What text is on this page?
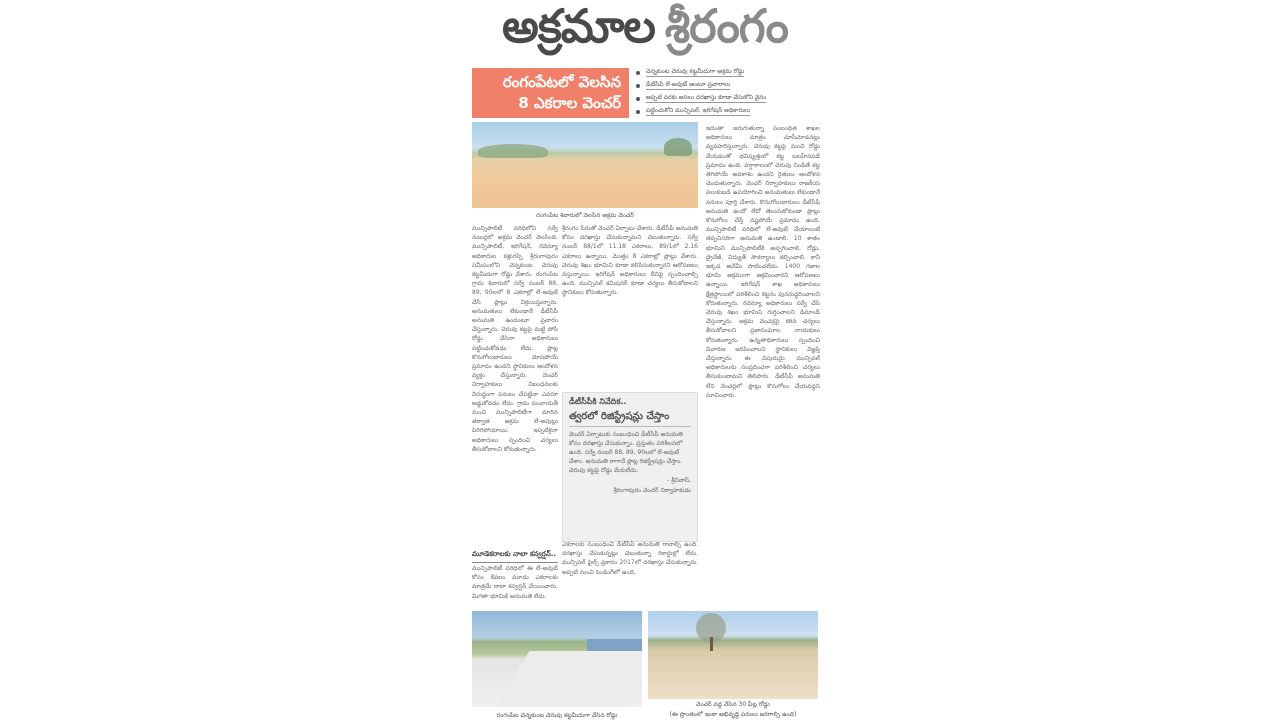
అక్రమాల శ్రీరంగం
రంగంపేటలో వెలసిన
8 ఎకరాల వెంచర్
చెన్నకుంట చెరువు కట్టమీదుగా అక్రమ రోడ్డు
డీటీసీపీ లే-అవుట్ అంటూ ప్రచారాలు
అప్పటి వరకు అసలు దరఖాస్తు కూడా చేసుకోని వైనం
పట్టించుకోని మున్సిపల్, ఇరిగేషన్ అధికారులు
రంగంపేట శివారులో వెలసిన అక్రమ వెంచర్

మున్సిపాలిటీ పరిధిలోని సర్వే నంబర్లలో అక్రమ వెంచర్ వెలసింది. మున్సిపాలిటీ, ఇరిగేషన్, రెవెన్యూ అధికారుల కళ్లుగప్పి శ్రీరంగాపురం సమీపంలోని చెన్నకుంట చెరువు కట్టమీదుగా రోడ్డు వేశారు. రంగంపేట గ్రామ శివారులో సర్వే నంబర్ 88, 89, 90లలో 8 ఎకరాల్లో లే-అవుట్ చేసి ప్లాట్లు విక్రయిస్తున్నారు. అనుమతులు లేకుండానే డీటీసీపీ అనుమతి ఉందంటూ ప్రచారం చేస్తున్నారు. చెరువు కట్టపై మట్టి పోసి రోడ్డు వేసినా అధికారులు పట్టించుకోవడం లేదు. ప్లాట్ల కొనుగోలుదారులు మోసపోయే ప్రమాదం ఉందని స్థానికులు ఆందోళన వ్యక్తం చేస్తున్నారు. వెంచర్ నిర్వాహకులు నిబంధనలకు విరుద్ధంగా పనులు చేపట్టినా ఎవరూ అడ్డుకోవడం లేదు. గ్రామ పంచాయతీ నుంచి మున్సిపాలిటీగా మారిన తర్వాత అక్రమ లే-అవుట్లు పెరిగిపోయాయి. ఇప్పటికైనా అధికారులు స్పందించి చర్యలు తీసుకోవాలని కోరుతున్నారు.

శ్రీరంగం పేరుతో వెంచర్ ఏర్పాటు చేశారు. డీటీసీపీ అనుమతి కోసం దరఖాస్తు చేసుకున్నామని చెబుతున్నారు. సర్వే నంబర్ 88/1లో 11.18 ఎకరాలు, 89/1లో 2.16 ఎకరాలు ఉన్నాయి. మొత్తం 8 ఎకరాల్లో ప్లాట్లు వేశారు. చెరువు శిఖం భూమిని కూడా కలిపేసుకున్నారని ఆరోపణలు వస్తున్నాయి. ఇరిగేషన్ అధికారులు దీనిపై స్పందించాల్సి ఉంది. మున్సిపల్ కమిషనర్ కూడా చర్యలు తీసుకోవాలని స్థానికులు కోరుతున్నారు.

ఇదంతా జరుగుతున్నా సంబంధిత శాఖల అధికారులు మాత్రం చూసీచూడనట్లు వ్యవహరిస్తున్నారు. చెరువు కట్టపై నుంచి రోడ్డు వేయడంతో భవిష్యత్తులో కట్ట బలహీనపడే ప్రమాదం ఉంది. వర్షాకాలంలో చెరువు నిండితే కట్ట తెగిపోయే అవకాశం ఉందని రైతులు ఆందోళన చెందుతున్నారు. వెంచర్ నిర్వాహకులు రాజకీయ పలుకుబడి ఉపయోగించి అనుమతులు లేకుండానే పనులు పూర్తి చేశారు. కొనుగోలుదారులు డీటీసీపీ అనుమతి ఉందో లేదో తెలుసుకోకుండా ప్లాట్లు కొనుగోలు చేస్తే నష్టపోయే ప్రమాదం ఉంది. మున్సిపాలిటీ పరిధిలో లే-అవుట్ చేయాలంటే తప్పనిసరిగా అనుమతి ఉండాలి. 10 శాతం భూమిని మున్సిపాలిటీకి అప్పగించాలి. రోడ్లు, డ్రైనేజీ, విద్యుత్ సౌకర్యాలు కల్పించాలి. కానీ ఇక్కడ అవేమీ పాటించలేదు. 1400 గజాల భూమి అక్రమంగా ఆక్రమించారని ఆరోపణలు ఉన్నాయి. ఇరిగేషన్ శాఖ అధికారులు క్షేత్రస్థాయిలో పరిశీలించి కట్టను పునరుద్ధరించాలని కోరుతున్నారు. రెవెన్యూ అధికారులు సర్వే చేసి చెరువు శిఖం భూమిని గుర్తించాలని డిమాండ్ చేస్తున్నారు. అక్రమ వెంచర్లపై కఠిన చర్యలు తీసుకోవాలని ప్రజాసంఘాల నాయకులు కోరుతున్నారు. ఉన్నతాధికారులు స్పందించి విచారణ జరిపించాలని స్థానికులు విజ్ఞప్తి చేస్తున్నారు. ఈ విషయమై మున్సిపల్ అధికారులను సంప్రదించగా పరిశీలించి చర్యలు తీసుకుంటామని తెలిపారు. డీటీసీపీ అనుమతి లేని వెంచర్లలో ప్లాట్లు కొనుగోలు చేయవద్దని సూచించారు.

డీటీసీపీకి నివేదిక..
త్వరలో రిజిస్ట్రేషన్లు చేస్తాం
వెంచర్ ఏర్పాటుకు సంబంధించి డీటీసీపీ అనుమతి కోసం దరఖాస్తు చేసుకున్నాం. ప్రస్తుతం పరిశీలనలో ఉంది. సర్వే నంబర్ 88, 89, 90లలో లే-అవుట్ చేశాం. అనుమతి రాగానే ప్లాట్ల రిజిస్ట్రేషన్లు చేస్తాం. చెరువు కట్టపై రోడ్డు వేయలేదు.
- శ్రీనివాస్,
శ్రీరంగాపురం వెంచర్ నిర్వాహకుడు
మూడెకరాలకు నాలా కన్వర్షన్..

మున్సిపాలిటీ పరిధిలో ఈ లే-అవుట్ కోసం కేవలం మూడు ఎకరాలకు మాత్రమే నాలా కన్వర్షన్ చేయించారు. మిగతా భూమికి అనుమతి లేదు.

ఎకరాలకు సంబంధించి డీటీసీపీ అనుమతి రావాల్సి ఉంది. దరఖాస్తు చేసుకున్నట్లు చెబుతున్నా రికార్డుల్లో లేదు. మున్సిపల్ ఫైల్స్ ప్రకారం 2017లో దరఖాస్తు చేసుకున్నారు. అప్పటి నుంచి పెండింగ్‌లో ఉంది.

రంగంపేట చెన్నకుంట చెరువు కట్టమీదుగా వేసిన రోడ్డు
వెంచర్ వద్ద వేసిన 30 ఫీట్ల రోడ్డు
(ఈ ప్రాంతంలో ఇంకా అభివృద్ధి పనులు జరగాల్సి ఉంది)
